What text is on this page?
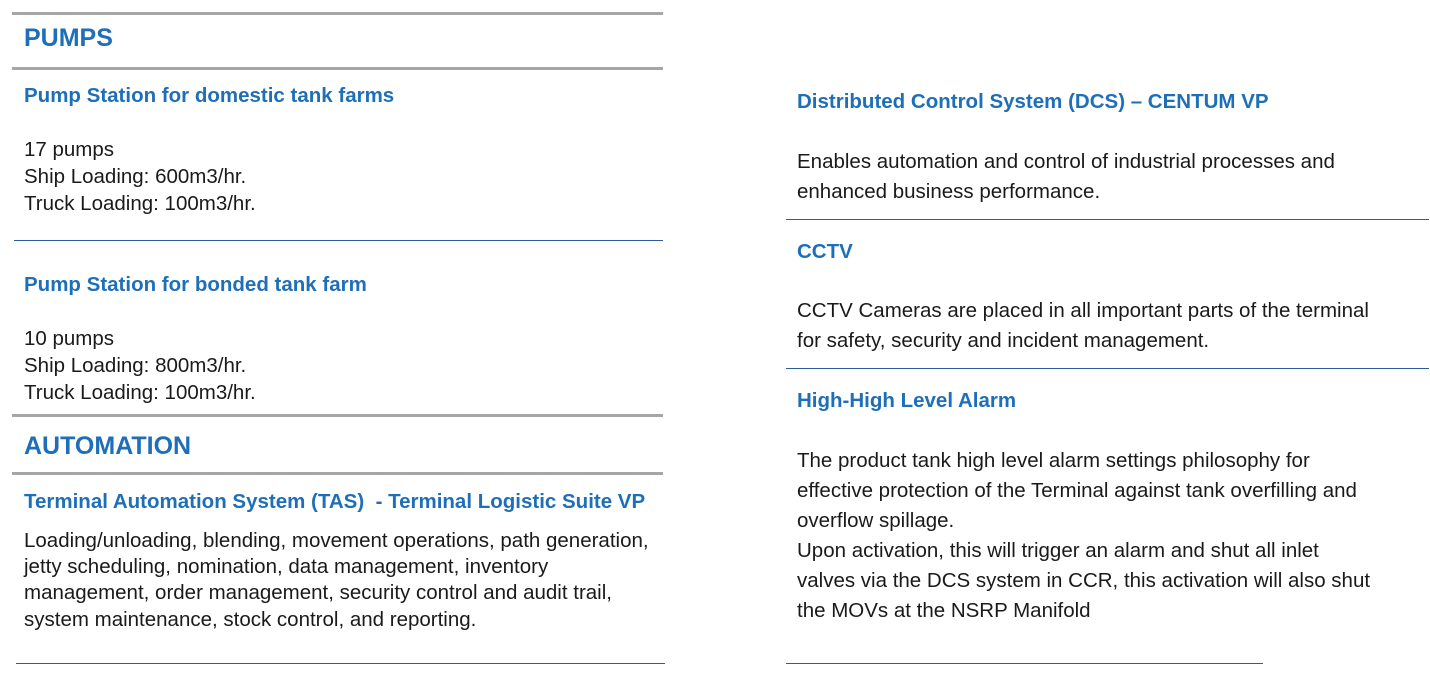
PUMPS
Pump Station for domestic tank farms
17 pumps
Ship Loading: 600m3/hr.
Truck Loading: 100m3/hr.
Pump Station for bonded tank farm
10 pumps
Ship Loading: 800m3/hr.
Truck Loading: 100m3/hr.
AUTOMATION
Terminal Automation System (TAS)  - Terminal Logistic Suite VP
Loading/unloading, blending, movement operations, path generation,
jetty scheduling, nomination, data management, inventory
management, order management, security control and audit trail,
system maintenance, stock control, and reporting.
Distributed Control System (DCS) – CENTUM VP
Enables automation and control of industrial processes and
enhanced business performance.
CCTV
CCTV Cameras are placed in all important parts of the terminal
for safety, security and incident management.
High-High Level Alarm
The product tank high level alarm settings philosophy for
effective protection of the Terminal against tank overfilling and
overflow spillage.
Upon activation, this will trigger an alarm and shut all inlet
valves via the DCS system in CCR, this activation will also shut
the MOVs at the NSRP Manifold
